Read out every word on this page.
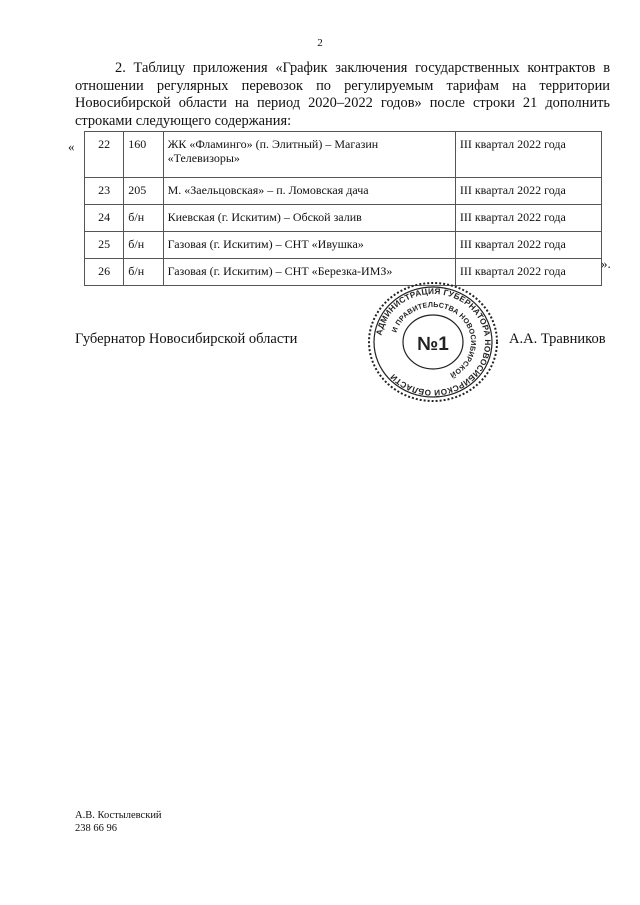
2

2. Таблицу приложения «График заключения государственных контрактов в отношении регулярных перевозок по регулируемым тарифам на территории Новосибирской области на период 2020–2022 годов» после строки 21 дополнить строками следующего содержания:

« 22	160	ЖК «Фламинго» (п. Элитный) – Магазин «Телевизоры»	III квартал 2022 года
23	205	М. «Заельцовская» – п. Ломовская дача	III квартал 2022 года
24	б/н	Киевская (г. Искитим) – Обской залив	III квартал 2022 года
25	б/н	Газовая (г. Искитим) – СНТ «Ивушка»	III квартал 2022 года
26	б/н	Газовая (г. Искитим) – СНТ «Березка-ИМЗ»	III квартал 2022 года	».
Губернатор Новосибирской области	АДМИНИСТРАЦИЯ ГУБЕРНАТОРА НОВОСИБИРСКОЙ ОБЛАСТИ
И ПРАВИТЕЛЬСТВА НОВОСИБИРСКОЙ
№1	А.А. Травников
А.В. Костылевский
238 66 96
